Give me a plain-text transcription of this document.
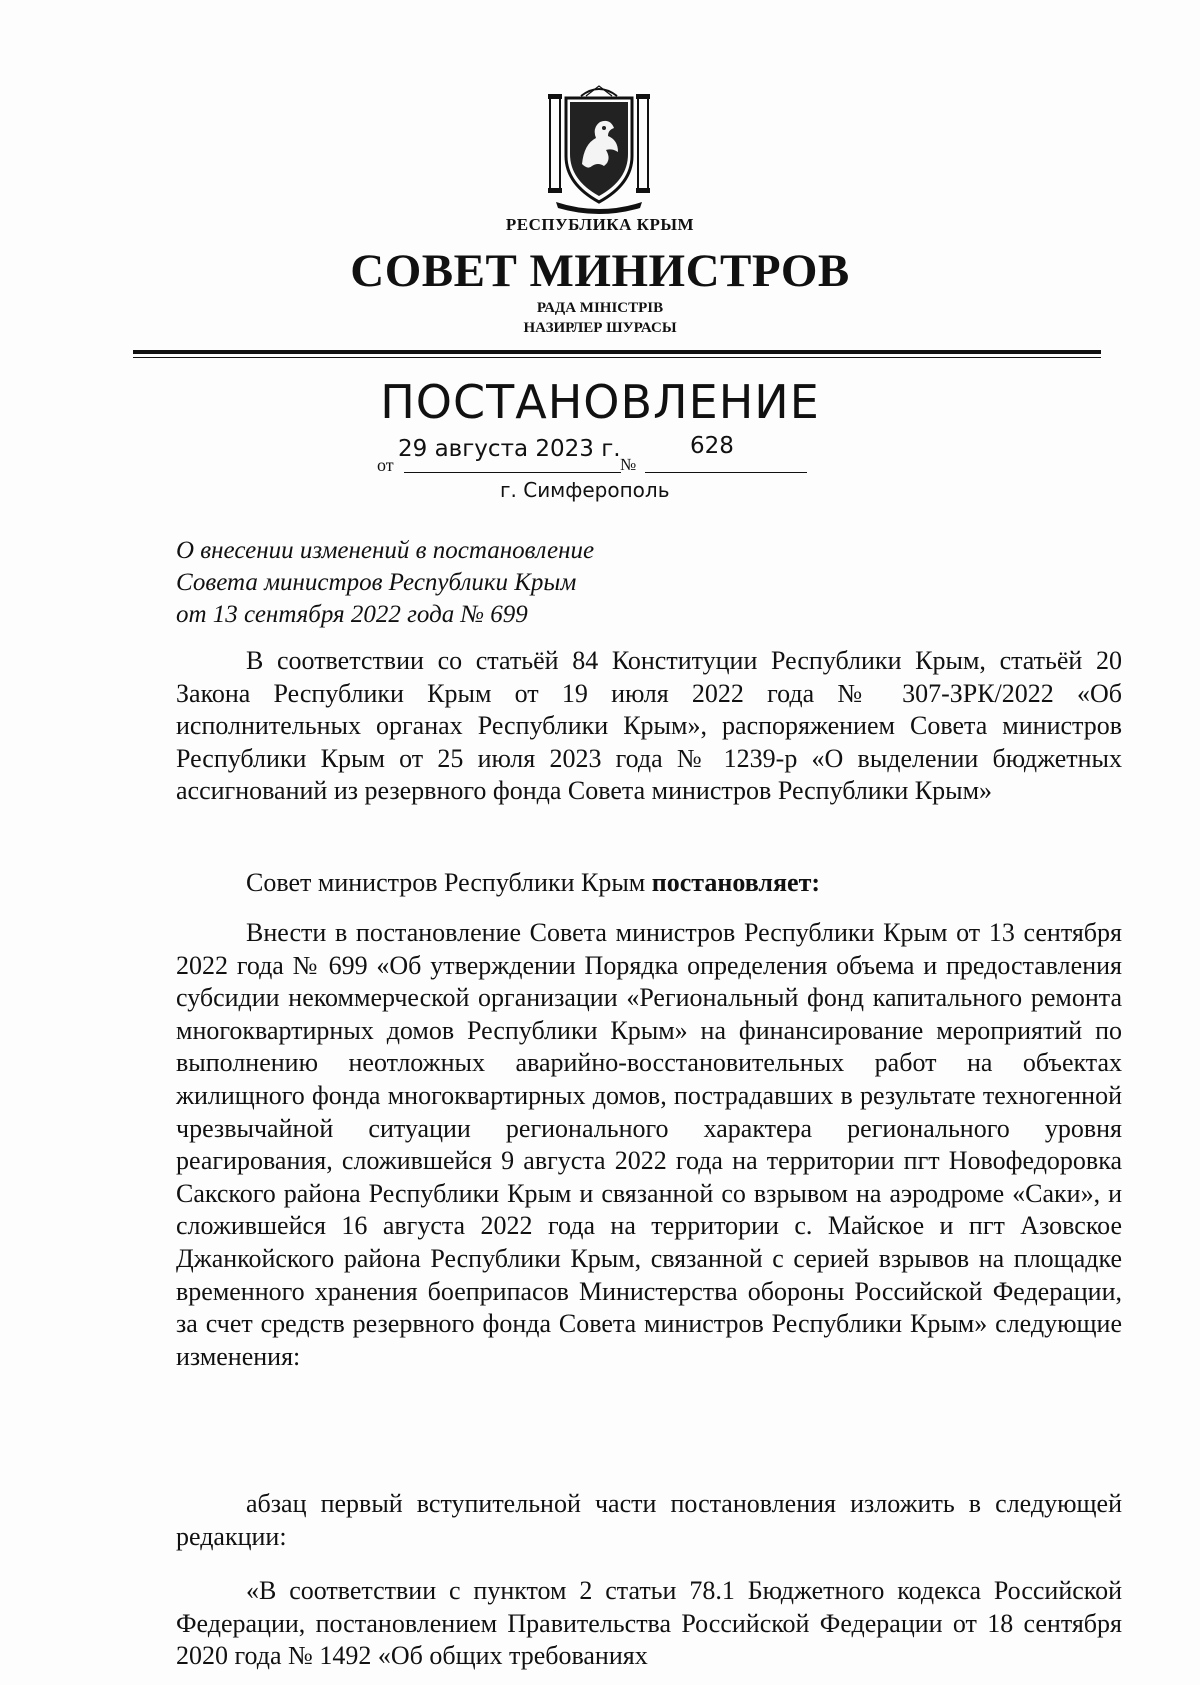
РЕСПУБЛИКА КРЫМ
СОВЕТ МИНИСТРОВ
РАДА МІНІСТРІВ
НАЗИРЛЕР ШУРАСЫ
ПОСТАНОВЛЕНИЕ
от
29 августа 2023 г.
№
628
г. Симферополь
О внесении изменений в постановление
Совета министров Республики Крым
от 13 сентября 2022 года № 699

В соответствии со статьёй 84 Конституции Республики Крым, статьёй 20 Закона Республики Крым от 19 июля 2022 года № 307-ЗРК/2022 «Об исполнительных органах Республики Крым», распоряжением Совета министров Республики Крым от 25 июля 2023 года № 1239-р «О выделении бюджетных ассигнований из резервного фонда Совета министров Республики Крым»

Совет министров Республики Крым постановляет:

Внести в постановление Совета министров Республики Крым от 13 сентября 2022 года № 699 «Об утверждении Порядка определения объема и предоставления субсидии некоммерческой организации «Региональный фонд капитального ремонта многоквартирных домов Республики Крым» на финансирование мероприятий по выполнению неотложных аварийно-восстановительных работ на объектах жилищного фонда многоквартирных домов, пострадавших в результате техногенной чрезвычайной ситуации регионального характера регионального уровня реагирования, сложившейся 9 августа 2022 года на территории пгт Новофедоровка Сакского района Республики Крым и связанной со взрывом на аэродроме «Саки», и сложившейся 16 августа 2022 года на территории с. Майское и пгт Азовское Джанкойского района Республики Крым, связанной с серией взрывов на площадке временного хранения боеприпасов Министерства обороны Российской Федерации, за счет средств резервного фонда Совета министров Республики Крым» следующие изменения:

абзац первый вступительной части постановления изложить в следующей редакции:

«В соответствии с пунктом 2 статьи 78.1 Бюджетного кодекса Российской Федерации, постановлением Правительства Российской Федерации от 18 сентября 2020 года № 1492 «Об общих требованиях
